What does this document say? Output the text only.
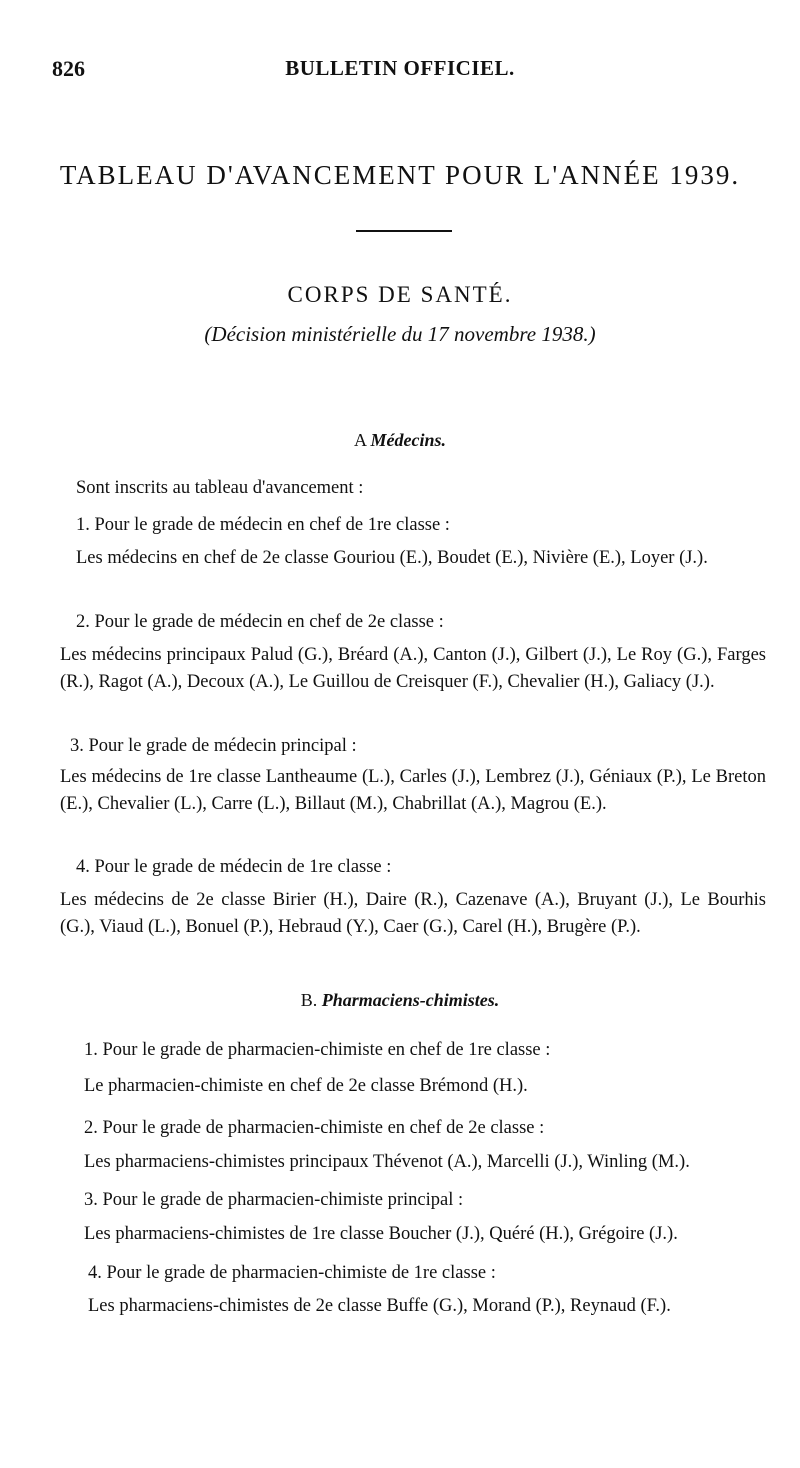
826	BULLETIN OFFICIEL.
TABLEAU D'AVANCEMENT POUR L'ANNÉE 1939.
CORPS DE SANTÉ.
(Décision ministérielle du 17 novembre 1938.)
A Médecins.
Sont inscrits au tableau d'avancement :
1. Pour le grade de médecin en chef de 1re classe :
Les médecins en chef de 2e classe Gouriou (E.), Boudet (E.), Nivière (E.), Loyer (J.).
2. Pour le grade de médecin en chef de 2e classe :
Les médecins principaux Palud (G.), Bréard (A.), Canton (J.), Gilbert (J.), Le Roy (G.), Farges (R.), Ragot (A.), Decoux (A.), Le Guillou de Creisquer (F.), Chevalier (H.), Galiacy (J.).
3. Pour le grade de médecin principal :
Les médecins de 1re classe Lantheaume (L.), Carles (J.), Lembrez (J.), Géniaux (P.), Le Breton (E.), Chevalier (L.), Carre (L.), Billaut (M.), Chabrillat (A.), Magrou (E.).
4. Pour le grade de médecin de 1re classe :
Les médecins de 2e classe Birier (H.), Daire (R.), Cazenave (A.), Bruyant (J.), Le Bourhis (G.), Viaud (L.), Bonuel (P.), Hebraud (Y.), Caer (G.), Carel (H.), Brugère (P.).
B. Pharmaciens-chimistes.
1. Pour le grade de pharmacien-chimiste en chef de 1re classe :
Le pharmacien-chimiste en chef de 2e classe Brémond (H.).
2. Pour le grade de pharmacien-chimiste en chef de 2e classe :
Les pharmaciens-chimistes principaux Thévenot (A.), Marcelli (J.), Winling (M.).
3. Pour le grade de pharmacien-chimiste principal :
Les pharmaciens-chimistes de 1re classe Boucher (J.), Quéré (H.), Grégoire (J.).
4. Pour le grade de pharmacien-chimiste de 1re classe :
Les pharmaciens-chimistes de 2e classe Buffe (G.), Morand (P.), Reynaud (F.).
